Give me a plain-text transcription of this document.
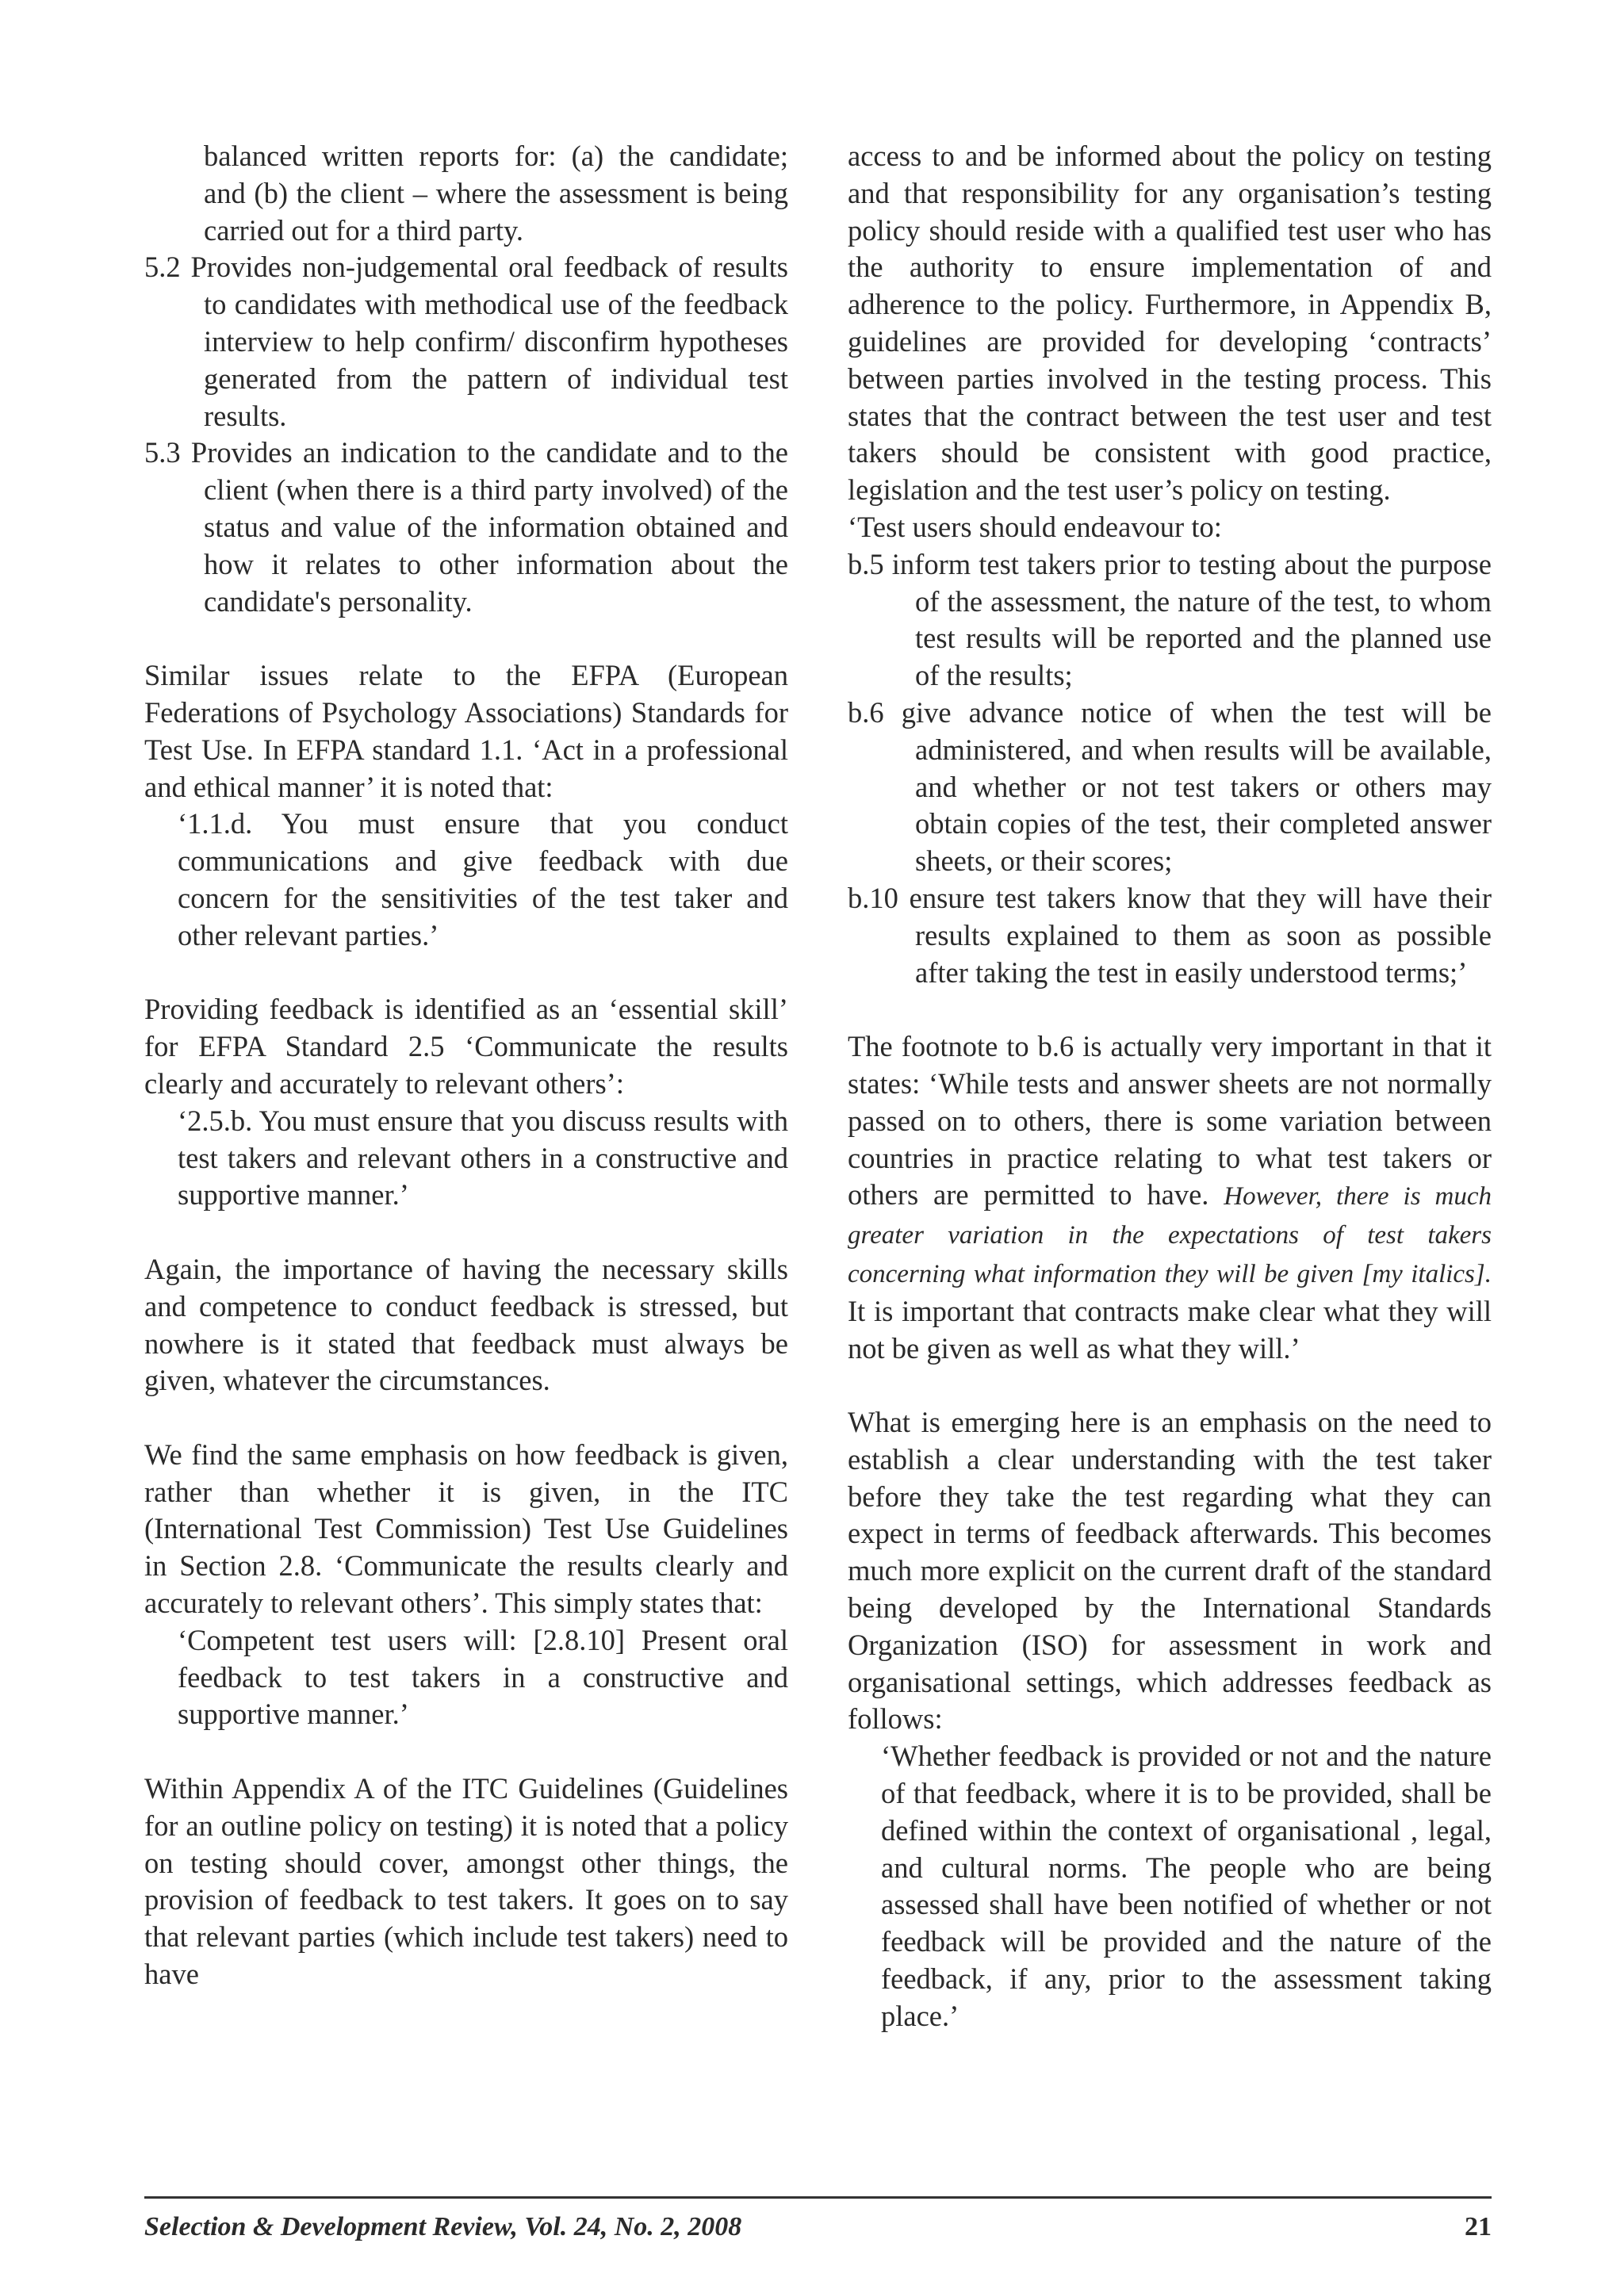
balanced written reports for: (a) the candidate; and (b) the client – where the assessment is being carried out for a third party.

5.2 Provides non-judgemental oral feedback of results to candidates with methodical use of the feedback interview to help confirm/ disconfirm hypotheses generated from the pattern of individual test results.

5.3 Provides an indication to the candidate and to the client (when there is a third party involved) of the status and value of the information obtained and how it relates to other information about the candidate's personality.

Similar issues relate to the EFPA (European Federations of Psychology Associations) Standards for Test Use. In EFPA standard 1.1. ‘Act in a professional and ethical manner’ it is noted that:

‘1.1.d. You must ensure that you conduct communications and give feedback with due concern for the sensitivities of the test taker and other relevant parties.’

Providing feedback is identified as an ‘essential skill’ for EFPA Standard 2.5 ‘Communicate the results clearly and accurately to relevant others’:

‘2.5.b. You must ensure that you discuss results with test takers and relevant others in a constructive and supportive manner.’

Again, the importance of having the necessary skills and competence to conduct feedback is stressed, but nowhere is it stated that feedback must always be given, whatever the circumstances.

We find the same emphasis on how feedback is given, rather than whether it is given, in the ITC (International Test Commission) Test Use Guidelines in Section 2.8. ‘Communicate the results clearly and accurately to relevant others’. This simply states that:

‘Competent test users will: [2.8.10] Present oral feedback to test takers in a constructive and supportive manner.’

Within Appendix A of the ITC Guidelines (Guidelines for an outline policy on testing) it is noted that a policy on testing should cover, amongst other things, the provision of feedback to test takers. It goes on to say that relevant parties (which include test takers) need to have

access to and be informed about the policy on testing and that responsibility for any organisation’s testing policy should reside with a qualified test user who has the authority to ensure implementation of and adherence to the policy. Furthermore, in Appendix B, guidelines are provided for developing ‘contracts’ between parties involved in the testing process. This states that the contract between the test user and test takers should be consistent with good practice, legislation and the test user’s policy on testing.

‘Test users should endeavour to:

b.5 inform test takers prior to testing about the purpose of the assessment, the nature of the test, to whom test results will be reported and the planned use of the results;

b.6 give advance notice of when the test will be administered, and when results will be available, and whether or not test takers or others may obtain copies of the test, their completed answer sheets, or their scores;

b.10 ensure test takers know that they will have their results explained to them as soon as possible after taking the test in easily understood terms;’

The footnote to b.6 is actually very important in that it states: ‘While tests and answer sheets are not normally passed on to others, there is some variation between countries in practice relating to what test takers or others are permitted to have. However, there is much greater variation in the expectations of test takers concerning what information they will be given [my italics]. It is important that contracts make clear what they will not be given as well as what they will.’

What is emerging here is an emphasis on the need to establish a clear understanding with the test taker before they take the test regarding what they can expect in terms of feedback afterwards. This becomes much more explicit on the current draft of the standard being developed by the International Standards Organization (ISO) for assessment in work and organisational settings, which addresses feedback as follows:

‘Whether feedback is provided or not and the nature of that feedback, where it is to be provided, shall be defined within the context of organisational , legal, and cultural norms. The people who are being assessed shall have been notified of whether or not feedback will be provided and the nature of the feedback, if any, prior to the assessment taking place.’

Selection & Development Review, Vol. 24, No. 2, 2008	21
